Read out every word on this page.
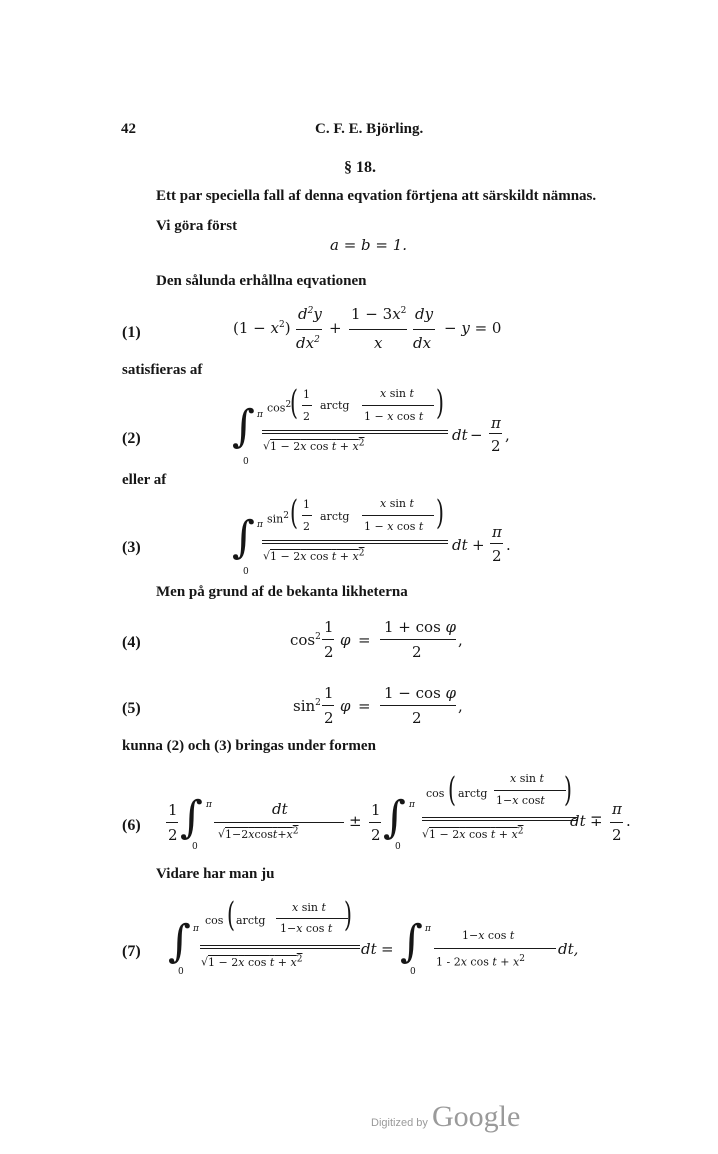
42	C. F. E. Björling.
§ 18.
Ett par speciella fall af denna eqvation förtjena att särskildt nämnas.
Vi göra först
a = b = 1.
Den sålunda erhållna eqvationen
(1)	$(1 - x^2)$
$d^2y$
$dx^2$
+
$1 - 3x^2$
x
dy
dx
− y = 0
satisfieras af
(2) ∫ π
0
$\cos^2$
( 1
2
arctg
x sin t
1 − x cos t )
√1 − 2x $\cos t + x^2$	dt −
π
2
,
eller af
(3) ∫ π
0
$\sin^2$ ( 1
2
arctg
x sin t
1 − x cos t )
√1 − 2x $\cos t + x^2$	dt +
π
2
.
Men på grund af de bekanta likheterna
(4)	$\cos^2$
1
2
φ =
1 + cos φ
2
,
(5)	$\sin^2$
1
2
φ =
1 − cos φ
2
,
kunna (2) och (3) bringas under formen
(6)
1
2 ∫ π
0
dt
$√1-2xcost+x^2$
±
1
2 ∫ π
0
cos ( arctg
x sin t
1−x cost )
√1 − 2x $\cos t + x^2$
dt ∓
π
2
.
Vidare har man ju
(7) ∫ π
0
cos ( arctg
x sin t
1−x cos t )
√1 − 2x $\cos t + x^2$
dt = ∫ π
0
1−x cos t
1 - 2x $\cos t + x^2$
dt,
Digitized by Google
